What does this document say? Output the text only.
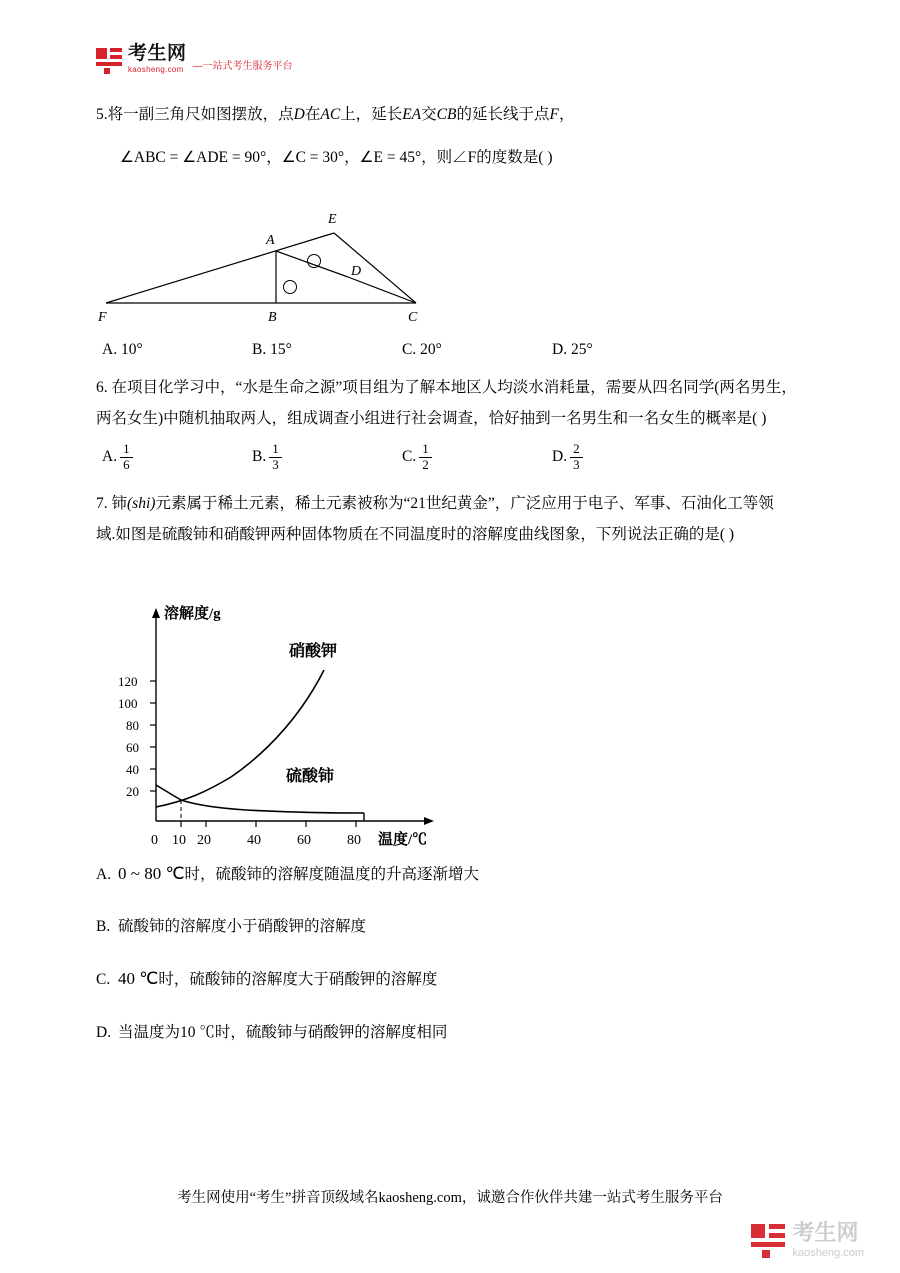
考生网
kaosheng.com —一站式考生服务平台
5.将一副三角尺如图摆放，点D在AC上，延长EA交CB的延长线于点F，
∠ABC = ∠ADE = 90°，∠C = 30°，∠E = 45°，则∠F的度数是( )
E
A
D
F	B	C
A. 10°	B. 15°	C. 20°	D. 25°
6. 在项目化学习中，“水是生命之源”项目组为了解本地区人均淡水消耗量，需要从四名同学(两名男生，
两名女生)中随机抽取两人，组成调查小组进行社会调查，恰好抽到一名男生和一名女生的概率是( )
A. $\frac{1}{6}$	B. $\frac{1}{3}$	C. $\frac{1}{2}$	D. $\frac{2}{3}$
7. 铈(shi)元素属于稀土元素，稀土元素被称为“21世纪黄金”，广泛应用于电子、军事、石油化工等领
域.如图是硫酸铈和硝酸钾两种固体物质在不同温度时的溶解度曲线图象，下列说法正确的是( )
20
40
60
80
100
120
0 10 20	40	60	80
溶解度/g
温度/℃
硝酸钾
硫酸铈
A. 0 ~ 80 ℃时，硫酸铈的溶解度随温度的升高逐渐增大
B. 硫酸铈的溶解度小于硝酸钾的溶解度
C. 40 ℃时，硫酸铈的溶解度大于硝酸钾的溶解度
D. 当温度为10 ℃时，硫酸铈与硝酸钾的溶解度相同
考生网使用“考生”拼音顶级域名kaosheng.com，诚邀合作伙伴共建一站式考生服务平台
考生网
kaosheng.com
